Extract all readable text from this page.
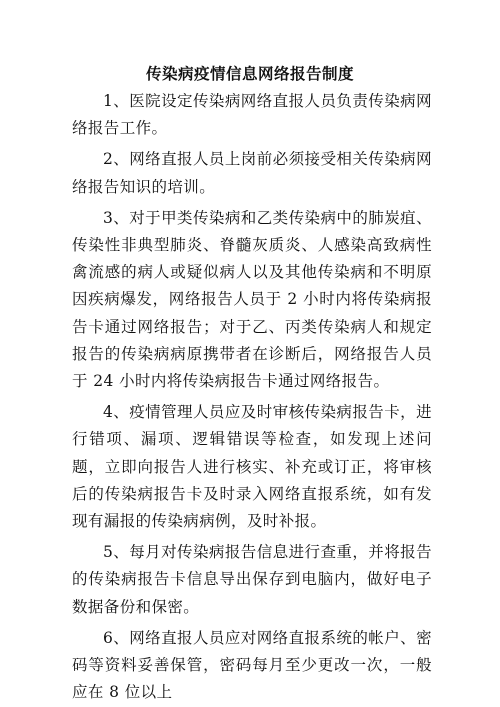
传染病疫情信息网络报告制度

1、医院设定传染病网络直报人员负责传染病网络报告工作。

2、网络直报人员上岗前必须接受相关传染病网络报告知识的培训。

3、对于甲类传染病和乙类传染病中的肺炭疽、传染性非典型肺炎、脊髓灰质炎、人感染高致病性禽流感的病人或疑似病人以及其他传染病和不明原因疾病爆发，网络报告人员于 2 小时内将传染病报告卡通过网络报告；对于乙、丙类传染病人和规定报告的传染病病原携带者在诊断后，网络报告人员于 24 小时内将传染病报告卡通过网络报告。

4、疫情管理人员应及时审核传染病报告卡，进行错项、漏项、逻辑错误等检查，如发现上述问题，立即向报告人进行核实、补充或订正，将审核后的传染病报告卡及时录入网络直报系统，如有发现有漏报的传染病病例，及时补报。

5、每月对传染病报告信息进行查重，并将报告的传染病报告卡信息导出保存到电脑内，做好电子数据备份和保密。

6、网络直报人员应对网络直报系统的帐户、密码等资料妥善保管，密码每月至少更改一次，一般应在 8 位以上
